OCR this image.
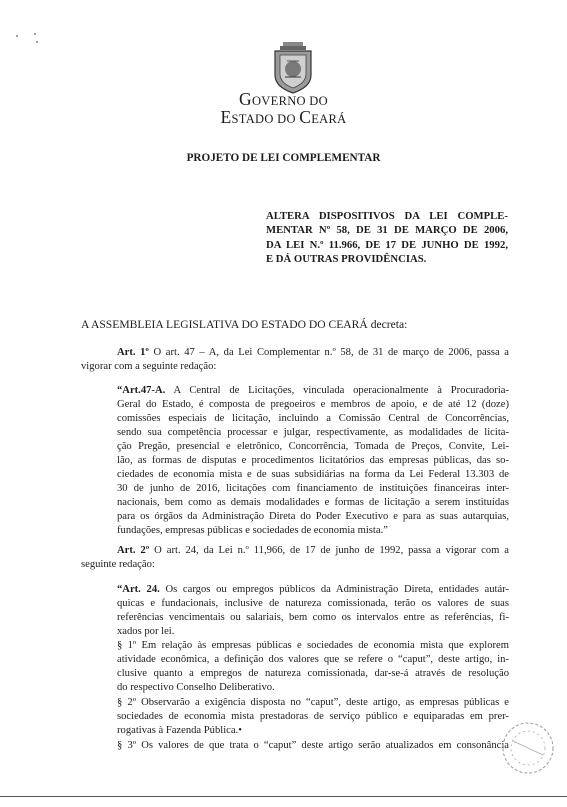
GOVERNO DO
ESTADO DO CEARÁ
PROJETO DE LEI COMPLEMENTAR
ALTERA DISPOSITIVOS DA LEI COMPLE-
MENTAR Nº 58, DE 31 DE MARÇO DE 2006,
DA LEI N.º 11.966, DE 17 DE JUNHO DE 1992,
E DÁ OUTRAS PROVIDÊNCIAS.
A ASSEMBLEIA LEGISLATIVA DO ESTADO DO CEARÁ decreta:
Art. 1º O art. 47 – A, da Lei Complementar n.º 58, de 31 de março de 2006, passa a
vigorar com a seguinte redação:
“Art.47-A. A Central de Licitações, vinculada operacionalmente à Procuradoria-
Geral do Estado, é composta de pregoeiros e membros de apoio, e de até 12 (doze)
comissões especiais de licitação, incluindo a Comissão Central de Concorrências,
sendo sua competência processar e julgar, respectivamente, as modalidades de licita-
ção Pregão, presencial e eletrônico, Concorrência, Tomada de Preços, Convite, Lei-
lão, as formas de disputas e procedimentos licitatórios das empresas públicas, das so-
ciedades de economia mista e de suas subsidiárias na forma da Lei Federal 13.303 de
30 de junho de 2016, licitações com financiamento de instituições financeiras inter-
nacionais, bem como as demais modalidades e formas de licitação a serem instituídas
para os órgãos da Administração Direta do Poder Executivo e para as suas autarquias,
fundações, empresas públicas e sociedades de economia mista.”
Art. 2º O art. 24, da Lei n.º 11,966, de 17 de junho de 1992, passa a vigorar com a
seguinte redação:
“Art. 24. Os cargos ou empregos públicos da Administração Direta, entidades autár-
quicas e fundacionais, inclusive de natureza comissionada, terão os valores de suas
referências vencimentais ou salariais, bem como os intervalos entre as referências, fi-
xados por lei.
§ 1º Em relação às empresas públicas e sociedades de economia mista que explorem
atividade econômica, a definição dos valores que se refere o “caput”, deste artigo, in-
clusive quanto a empregos de natureza comissionada, dar-se-á através de resolução
do respectivo Conselho Deliberativo.
§ 2º Observarão a exigência disposta no “caput”, deste artigo, as empresas públicas e
sociedades de economia mista prestadoras de serviço público e equiparadas em prer-
rogativas à Fazenda Pública.•
§ 3º Os valores de que trata o “caput” deste artigo serão atualizados em consonância
